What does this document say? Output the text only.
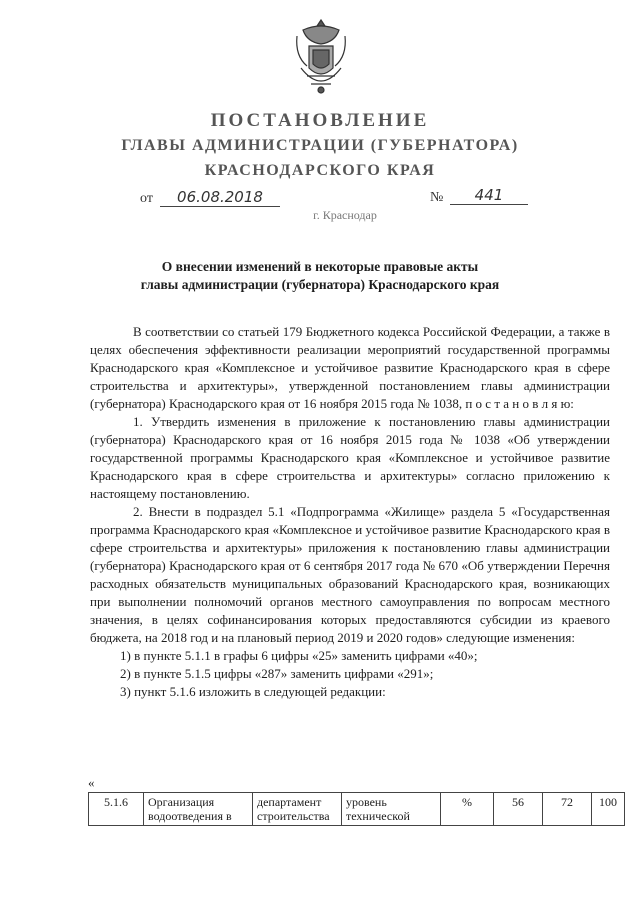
ПОСТАНОВЛЕНИЕ
ГЛАВЫ АДМИНИСТРАЦИИ (ГУБЕРНАТОРА)
КРАСНОДАРСКОГО КРАЯ
от	06.08.2018	№	441
г. Краснодар
О внесении изменений в некоторые правовые акты
главы администрации (губернатора) Краснодарского края

В соответствии со статьей 179 Бюджетного кодекса Российской Федерации, а также в целях обеспечения эффективности реализации мероприятий государственной программы Краснодарского края «Комплексное и устойчивое развитие Краснодарского края в сфере строительства и архитектуры», утвержденной постановлением главы администрации (губернатора) Краснодарского края от 16 ноября 2015 года № 1038, п о с т а н о в л я ю:

1. Утвердить изменения в приложение к постановлению главы администрации (губернатора) Краснодарского края от 16 ноября 2015 года № 1038 «Об утверждении государственной программы Краснодарского края «Комплексное и устойчивое развитие Краснодарского края в сфере строительства и архитектуры» согласно приложению к настоящему постановлению.

2. Внести в подраздел 5.1 «Подпрограмма «Жилище» раздела 5 «Государственная программа Краснодарского края «Комплексное и устойчивое развитие Краснодарского края в сфере строительства и архитектуры» приложения к постановлению главы администрации (губернатора) Краснодарского края от 6 сентября 2017 года № 670 «Об утверждении Перечня расходных обязательств муниципальных образований Краснодарского края, возникающих при выполнении полномочий органов местного самоуправления по вопросам местного значения, в целях софинансирования которых предоставляются субсидии из краевого бюджета, на 2018 год и на плановый период 2019 и 2020 годов» следующие изменения:

1) в пункте 5.1.1 в графы 6 цифры «25» заменить цифрами «40»;

2) в пункте 5.1.5 цифры «287» заменить цифрами «291»;

3) пункт 5.1.6 изложить в следующей редакции:

«
5.1.6	Организация водоотведения в	департамент строительства	уровень технической	%	56	72	100
